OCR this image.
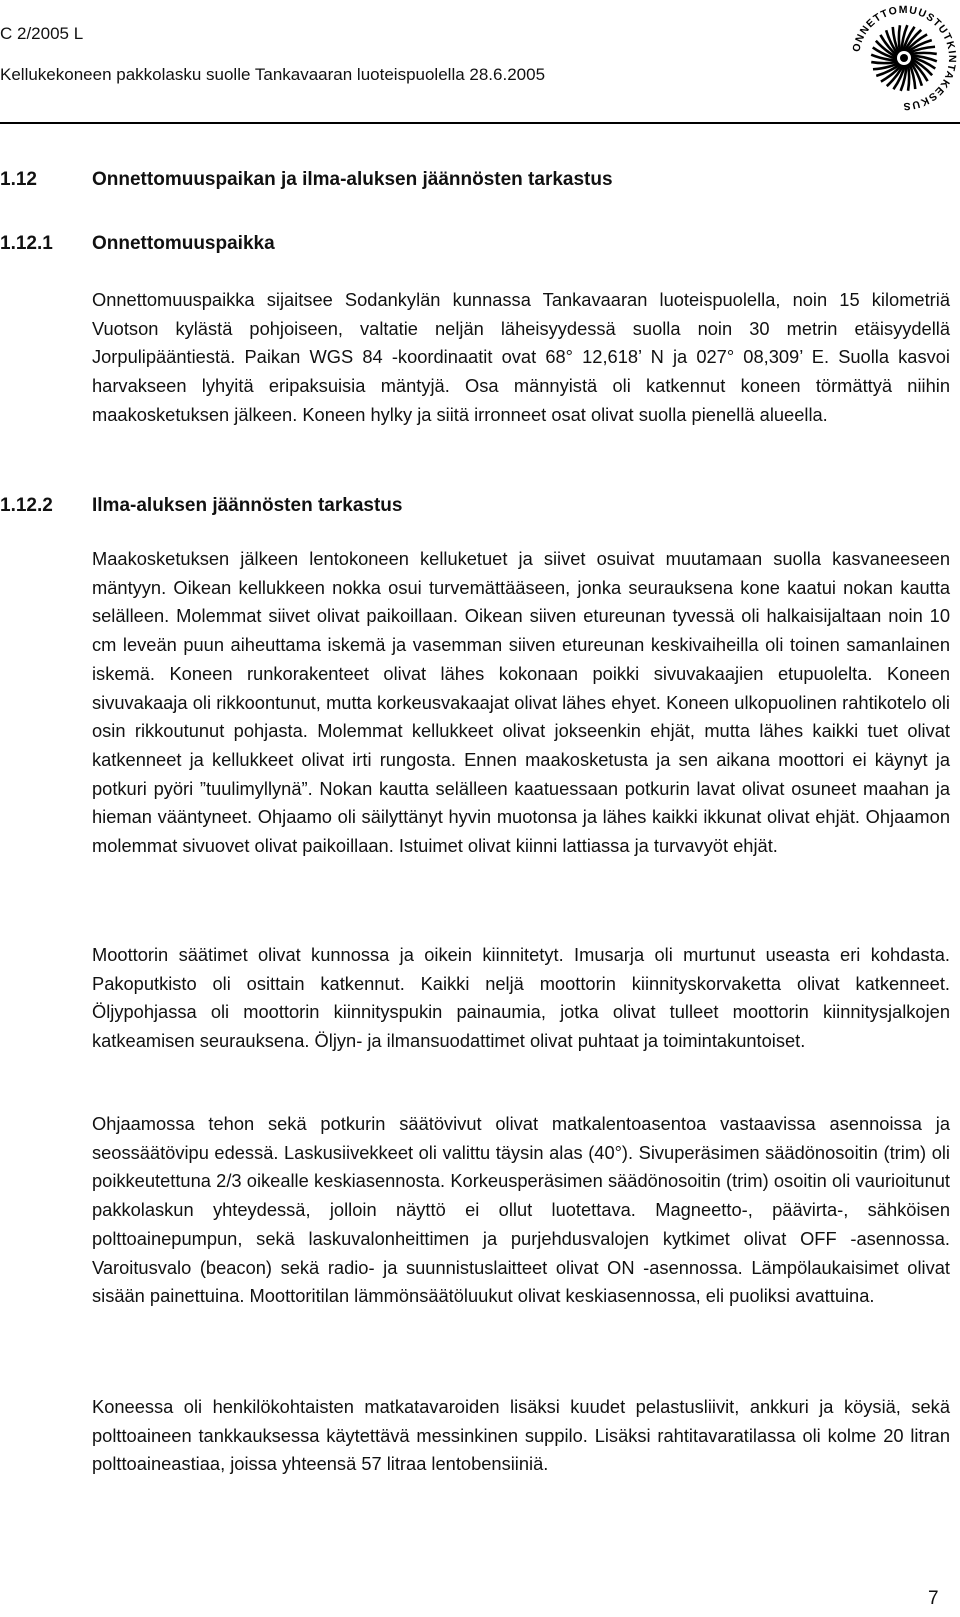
C 2/2005 L
Kellukekoneen pakkolasku suolle Tankavaaran luoteispuolella 28.6.2005
ONNETTOMUUSTUTKINTAKESKUS
1.12	Onnettomuuspaikan ja ilma-aluksen jäännösten tarkastus
1.12.1 Onnettomuuspaikka

Onnettomuuspaikka sijaitsee Sodankylän kunnassa Tankavaaran luoteispuolella, noin 15 kilometriä Vuotson kylästä pohjoiseen, valtatie neljän läheisyydessä suolla noin 30 metrin etäisyydellä Jorpulipääntiestä. Paikan WGS 84 -koordinaatit ovat 68° 12,618’ N ja 027° 08,309’ E. Suolla kasvoi harvakseen lyhyitä eripaksuisia mäntyjä. Osa männyistä oli katkennut koneen törmättyä niihin maakosketuksen jälkeen. Koneen hylky ja siitä irronneet osat olivat suolla pienellä alueella.

1.12.2 Ilma-aluksen jäännösten tarkastus

Maakosketuksen jälkeen lentokoneen kelluketuet ja siivet osuivat muutamaan suolla kasvaneeseen mäntyyn. Oikean kellukkeen nokka osui turvemättääseen, jonka seurauksena kone kaatui nokan kautta selälleen. Molemmat siivet olivat paikoillaan. Oikean siiven etureunan tyvessä oli halkaisijaltaan noin 10 cm leveän puun aiheuttama iskemä ja vasemman siiven etureunan keskivaiheilla oli toinen samanlainen iskemä. Koneen runkorakenteet olivat lähes kokonaan poikki sivuvakaajien etupuolelta. Koneen sivuvakaaja oli rikkoontunut, mutta korkeusvakaajat olivat lähes ehyet. Koneen ulkopuolinen rahtikotelo oli osin rikkoutunut pohjasta. Molemmat kellukkeet olivat jokseenkin ehjät, mutta lähes kaikki tuet olivat katkenneet ja kellukkeet olivat irti rungosta. Ennen maakosketusta ja sen aikana moottori ei käynyt ja potkuri pyöri ”tuulimyllynä”. Nokan kautta selälleen kaatuessaan potkurin lavat olivat osuneet maahan ja hieman vääntyneet. Ohjaamo oli säilyttänyt hyvin muotonsa ja lähes kaikki ikkunat olivat ehjät. Ohjaamon molemmat sivuovet olivat paikoillaan. Istuimet olivat kiinni lattiassa ja turvavyöt ehjät.

Moottorin säätimet olivat kunnossa ja oikein kiinnitetyt. Imusarja oli murtunut useasta eri kohdasta. Pakoputkisto oli osittain katkennut. Kaikki neljä moottorin kiinnityskorvaketta olivat katkenneet. Öljypohjassa oli moottorin kiinnityspukin painaumia, jotka olivat tulleet moottorin kiinnitysjalkojen katkeamisen seurauksena. Öljyn- ja ilmansuodattimet olivat puhtaat ja toimintakuntoiset.

Ohjaamossa tehon sekä potkurin säätövivut olivat matkalentoasentoa vastaavissa asennoissa ja seossäätövipu edessä. Laskusiivekkeet oli valittu täysin alas (40°). Sivuperäsimen säädönosoitin (trim) oli poikkeutettuna 2/3 oikealle keskiasennosta. Korkeusperäsimen säädönosoitin (trim) osoitin oli vaurioitunut pakkolaskun yhteydessä, jolloin näyttö ei ollut luotettava. Magneetto-, päävirta-, sähköisen polttoainepumpun, sekä laskuvalonheittimen ja purjehdusvalojen kytkimet olivat OFF -asennossa. Varoitusvalo (beacon) sekä radio- ja suunnistuslaitteet olivat ON -asennossa. Lämpölaukaisimet olivat sisään painettuina. Moottoritilan lämmönsäätöluukut olivat keskiasennossa, eli puoliksi avattuina.

Koneessa oli henkilökohtaisten matkatavaroiden lisäksi kuudet pelastusliivit, ankkuri ja köysiä, sekä polttoaineen tankkauksessa käytettävä messinkinen suppilo. Lisäksi rahtitavaratilassa oli kolme 20 litran polttoaineastiaa, joissa yhteensä 57 litraa lentobensiiniä.

7
